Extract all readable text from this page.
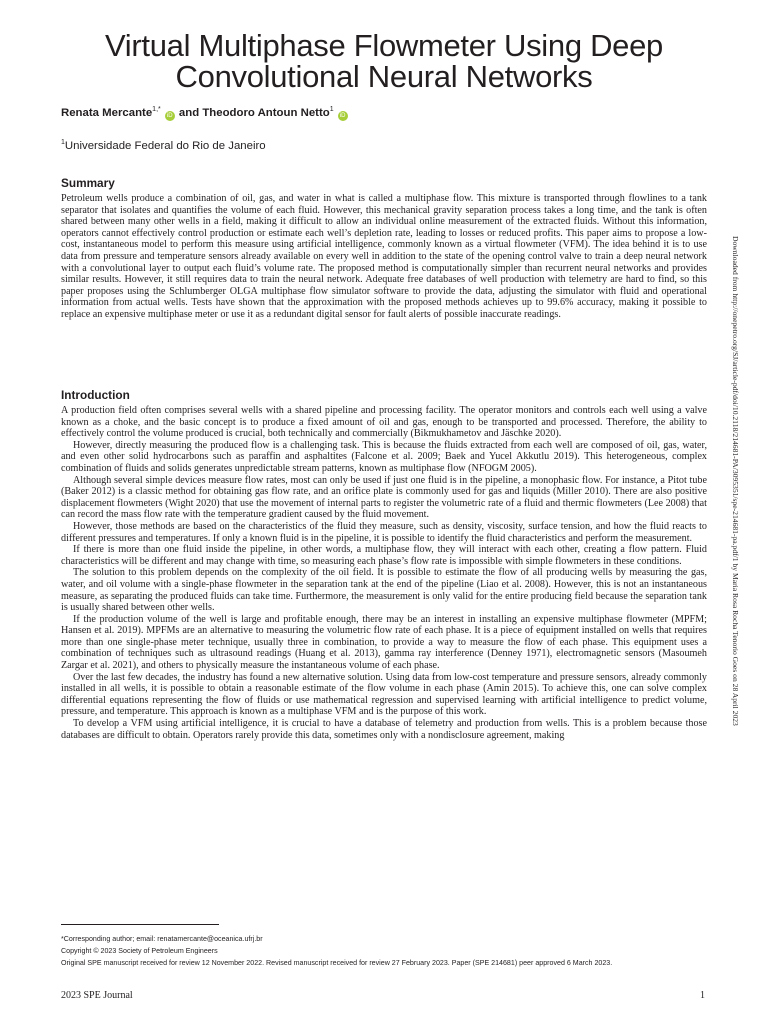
Virtual Multiphase Flowmeter Using Deep Convolutional Neural Networks
Renata Mercante$^{1,*}$iD and Theodoro Antoun Netto$^1$iD
$^1$Universidade Federal do Rio de Janeiro
Summary

Petroleum wells produce a combination of oil, gas, and water in what is called a multiphase flow. This mixture is transported through flowlines to a tank separator that isolates and quantifies the volume of each fluid. However, this mechanical gravity separation process takes a long time, and the tank is often shared between many other wells in a field, making it difficult to allow an individual online measurement of the extracted fluids. Without this information, operators cannot effectively control production or estimate each well’s depletion rate, leading to losses or reduced profits. This paper aims to propose a low-cost, instantaneous model to perform this measure using artificial intelligence, commonly known as a virtual flowmeter (VFM). The idea behind it is to use data from pressure and temperature sensors already available on every well in addition to the state of the opening control valve to train a deep neural network with a convolutional layer to output each fluid’s volume rate. The proposed method is computationally simpler than recurrent neural networks and provides similar results. However, it still requires data to train the neural network. Adequate free databases of well production with telemetry are hard to find, so this paper proposes using the Schlumberger OLGA multiphase flow simulator software to provide the data, adjusting the simulator with fluid and operational information from actual wells. Tests have shown that the approximation with the proposed methods achieves up to 99.6% accuracy, making it possible to replace an expensive multiphase meter or use it as a redundant digital sensor for fault alerts of possible inaccurate readings.

Introduction

A production field often comprises several wells with a shared pipeline and processing facility. The operator monitors and controls each well using a valve known as a choke, and the basic concept is to produce a fixed amount of oil and gas, enough to be transported and processed. Therefore, the ability to effectively control the volume produced is crucial, both technically and commercially (Bikmukhametov and Jäschke 2020).

However, directly measuring the produced flow is a challenging task. This is because the fluids extracted from each well are composed of oil, gas, water, and even other solid hydrocarbons such as paraffin and asphaltites (Falcone et al. 2009; Baek and Yucel Akkutlu 2019). This heterogeneous, complex combination of fluids and solids generates unpredictable stream patterns, known as multiphase flow (NFOGM 2005).

Although several simple devices measure flow rates, most can only be used if just one fluid is in the pipeline, a monophasic flow. For instance, a Pitot tube (Baker 2012) is a classic method for obtaining gas flow rate, and an orifice plate is commonly used for gas and liquids (Miller 2010). There are also positive displacement flowmeters (Wight 2020) that use the movement of internal parts to register the volumetric rate of a fluid and thermic flowmeters (Lee 2008) that can record the mass flow rate with the temperature gradient caused by the fluid movement.

However, those methods are based on the characteristics of the fluid they measure, such as density, viscosity, surface tension, and how the fluid reacts to different pressures and temperatures. If only a known fluid is in the pipeline, it is possible to identify the fluid characteristics and perform the measurement.

If there is more than one fluid inside the pipeline, in other words, a multiphase flow, they will interact with each other, creating a flow pattern. Fluid characteristics will be different and may change with time, so measuring each phase’s flow rate is impossible with simple flowmeters in these conditions.

The solution to this problem depends on the complexity of the oil field. It is possible to estimate the flow of all producing wells by measuring the gas, water, and oil volume with a single-phase flowmeter in the separation tank at the end of the pipeline (Liao et al. 2008). However, this is not an instantaneous measure, as separating the produced fluids can take time. Furthermore, the measurement is only valid for the entire producing field because the separation tank is usually shared between other wells.

If the production volume of the well is large and profitable enough, there may be an interest in installing an expensive multiphase flowmeter (MPFM; Hansen et al. 2019). MPFMs are an alternative to measuring the volumetric flow rate of each phase. It is a piece of equipment installed on wells that requires more than one single-phase meter technique, usually three in combination, to provide a way to measure the flow of each phase. This equipment uses a combination of techniques such as ultrasound readings (Huang et al. 2013), gamma ray interference (Denney 1971), electromagnetic sensors (Masoumeh Zargar et al. 2021), and others to physically measure the instantaneous volume of each phase.

Over the last few decades, the industry has found a new alternative solution. Using data from low-cost temperature and pressure sensors, already commonly installed in all wells, it is possible to obtain a reasonable estimate of the flow volume in each phase (Amin 2015). To achieve this, one can solve complex differential equations representing the flow of fluids or use mathematical regression and supervised learning with artificial intelligence to predict volume, pressure, and temperature. This approach is known as a multiphase VFM and is the purpose of this work.

To develop a VFM using artificial intelligence, it is crucial to have a database of telemetry and production from wells. This is a problem because those databases are difficult to obtain. Operators rarely provide this data, sometimes only with a nondisclosure agreement, making

*Corresponding author; email: renatamercante@oceanica.ufrj.br
Copyright © 2023 Society of Petroleum Engineers
Original SPE manuscript received for review 12 November 2022. Revised manuscript received for review 27 February 2023. Paper (SPE 214681) peer approved 6 March 2023.
2023 SPE Journal	1
Downloaded from http://onepetro.org/SJ/article-pdf/doi/10.2118/214681-PA/3095351/spe-214681-pa.pdf/1 by Maria Rosa Rocha Tenorio Goes on 28 April 2023
